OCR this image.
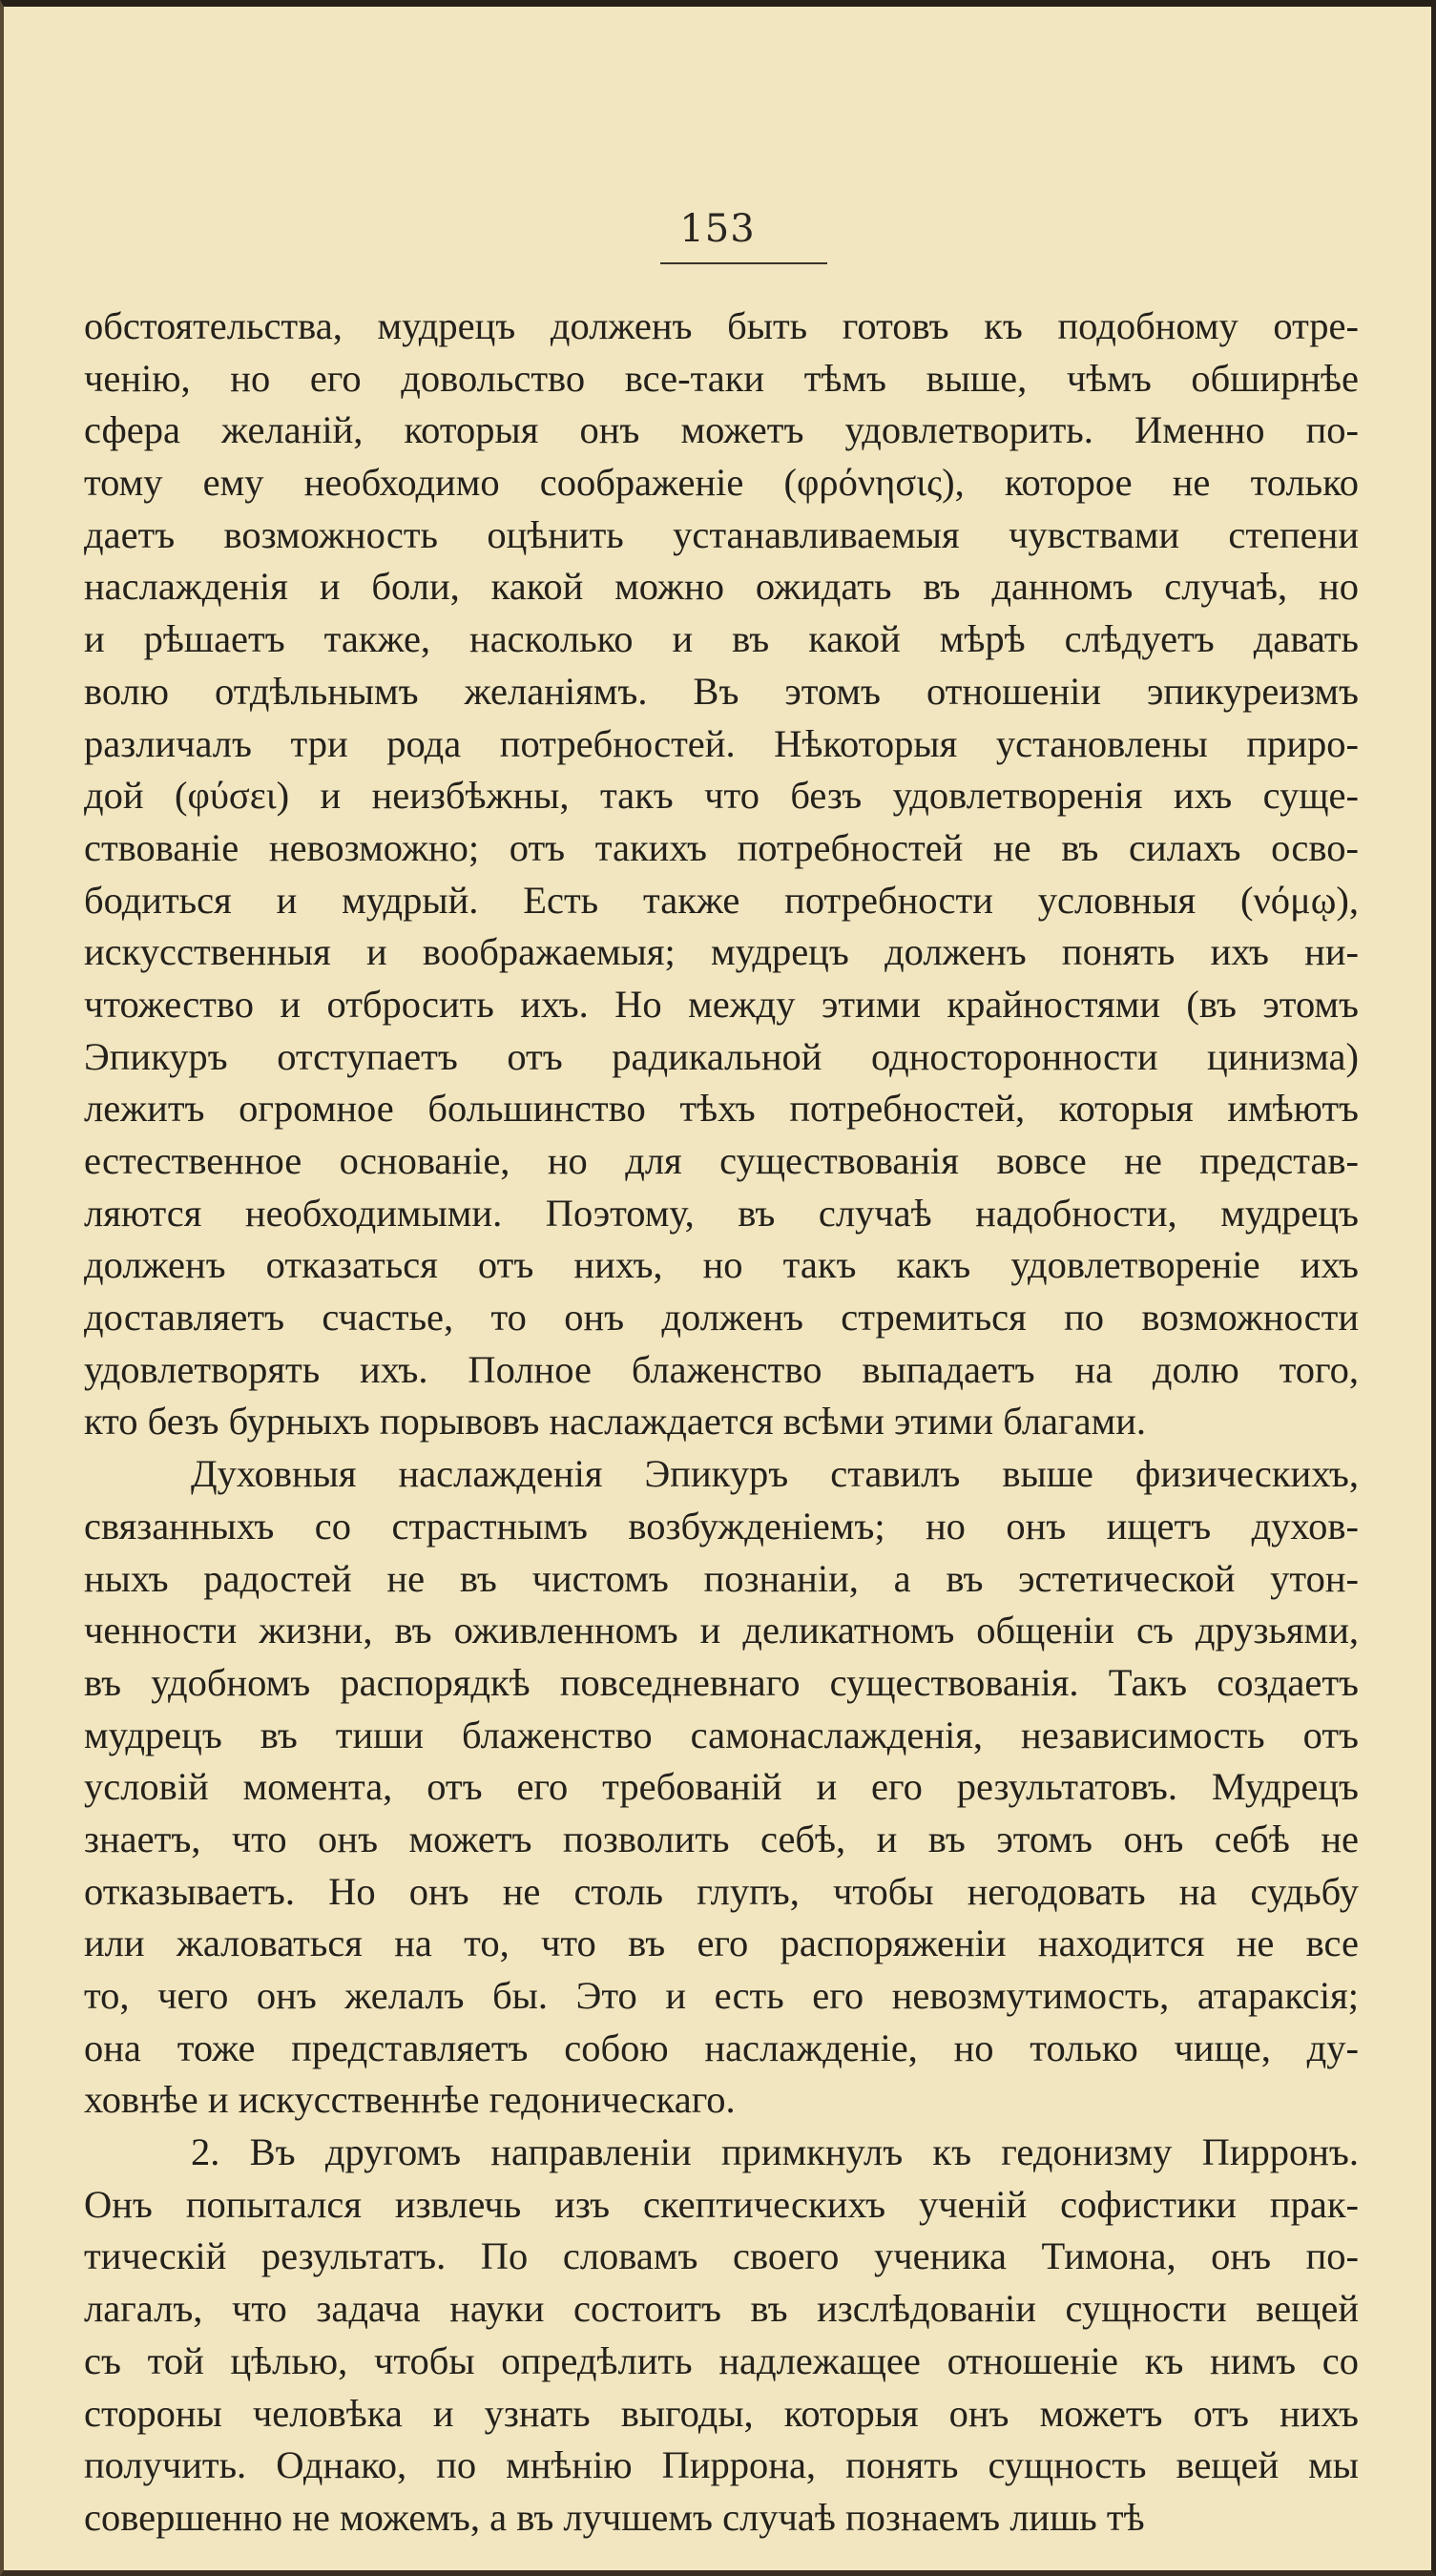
153
обстоятельства, мудрецъ долженъ быть готовъ къ подобному отре-
ченію, но его довольство все-таки тѣмъ выше, чѣмъ обширнѣе
сфера желаній, которыя онъ можетъ удовлетворить. Именно по-
тому ему необходимо соображеніе (φρόνησις), которое не только
даетъ возможность оцѣнить устанавливаемыя чувствами степени
наслажденія и боли, какой можно ожидать въ данномъ случаѣ, но
и рѣшаетъ также, насколько и въ какой мѣрѣ слѣдуетъ давать
волю отдѣльнымъ желаніямъ. Въ этомъ отношеніи эпикуреизмъ
различалъ три рода потребностей. Нѣкоторыя установлены приро-
дой (φύσει) и неизбѣжны, такъ что безъ удовлетворенія ихъ суще-
ствованіе невозможно; отъ такихъ потребностей не въ силахъ осво-
бодиться и мудрый. Есть также потребности условныя (νόμῳ),
искусственныя и воображаемыя; мудрецъ долженъ понять ихъ ни-
чтожество и отбросить ихъ. Но между этими крайностями (въ этомъ
Эпикуръ отступаетъ отъ радикальной односторонности цинизма)
лежитъ огромное большинство тѣхъ потребностей, которыя имѣютъ
естественное основаніе, но для существованія вовсе не представ-
ляются необходимыми. Поэтому, въ случаѣ надобности, мудрецъ
долженъ отказаться отъ нихъ, но такъ какъ удовлетвореніе ихъ
доставляетъ счастье, то онъ долженъ стремиться по возможности
удовлетворять ихъ. Полное блаженство выпадаетъ на долю того,
кто безъ бурныхъ порывовъ наслаждается всѣми этими благами.
Духовныя наслажденія Эпикуръ ставилъ выше физическихъ,
связанныхъ со страстнымъ возбужденіемъ; но онъ ищетъ духов-
ныхъ радостей не въ чистомъ познаніи, а въ эстетической утон-
ченности жизни, въ оживленномъ и деликатномъ общеніи съ друзьями,
въ удобномъ распорядкѣ повседневнаго существованія. Такъ создаетъ
мудрецъ въ тиши блаженство самонаслажденія, независимость отъ
условій момента, отъ его требованій и его результатовъ. Мудрецъ
знаетъ, что онъ можетъ позволить себѣ, и въ этомъ онъ себѣ не
отказываетъ. Но онъ не столь глупъ, чтобы негодовать на судьбу
или жаловаться на то, что въ его распоряженіи находится не все
то, чего онъ желалъ бы. Это и есть его невозмутимость, атараксія;
она тоже представляетъ собою наслажденіе, но только чище, ду-
ховнѣе и искусственнѣе гедоническаго.
2. Въ другомъ направленіи примкнулъ къ гедонизму Пирронъ.
Онъ попытался извлечь изъ скептическихъ ученій софистики прак-
тическій результатъ. По словамъ своего ученика Тимона, онъ по-
лагалъ, что задача науки состоитъ въ изслѣдованіи сущности вещей
съ той цѣлью, чтобы опредѣлить надлежащее отношеніе къ нимъ со
стороны человѣка и узнать выгоды, которыя онъ можетъ отъ нихъ
получить. Однако, по мнѣнію Пиррона, понять сущность вещей мы
совершенно не можемъ, а въ лучшемъ случаѣ познаемъ лишь тѣ
